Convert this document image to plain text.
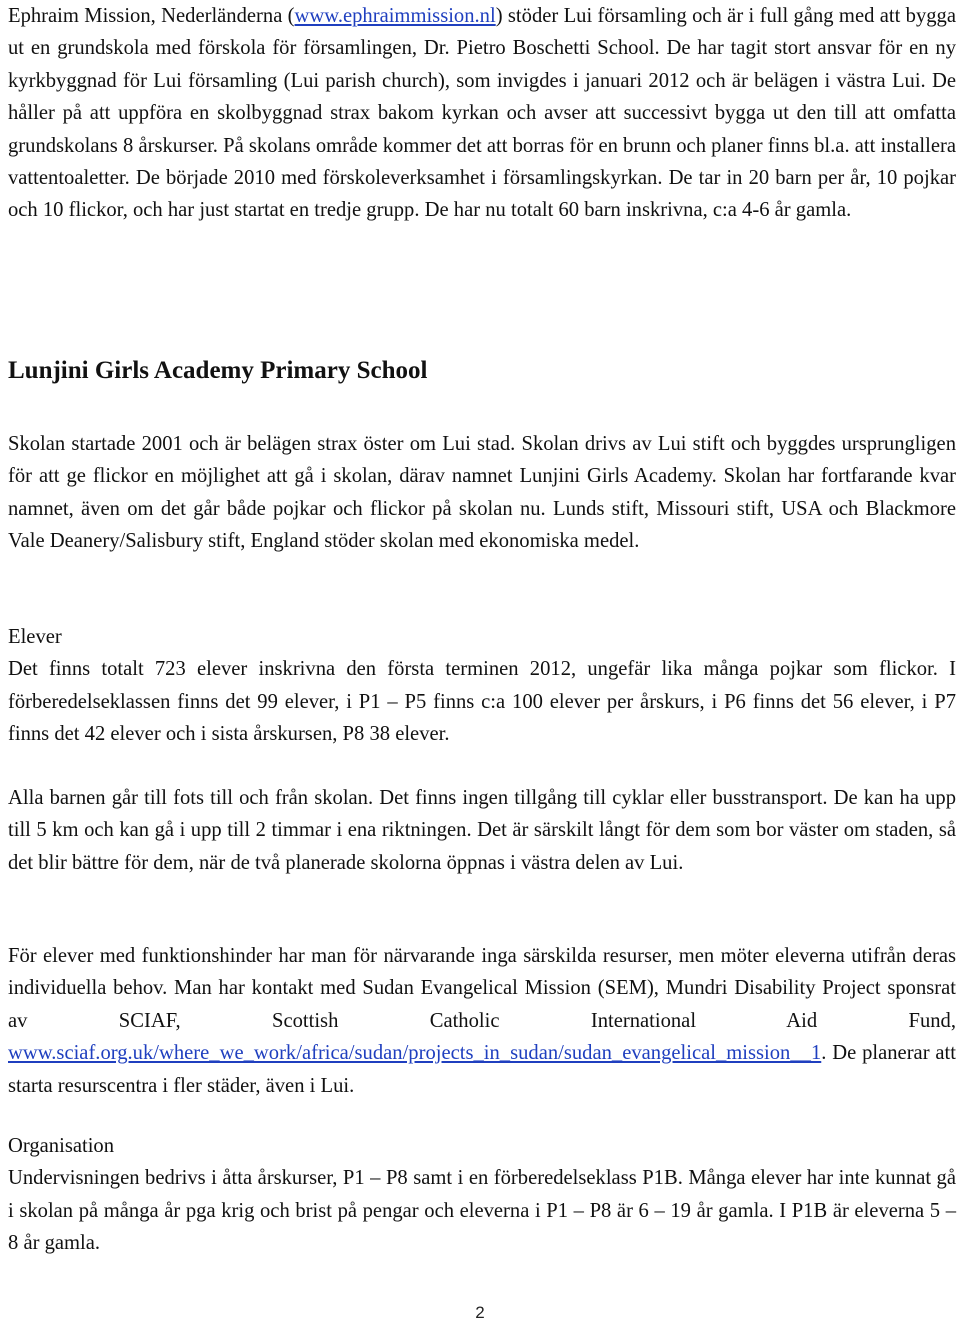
Ephraim Mission, Nederländerna (www.ephraimmission.nl) stöder Lui församling och är i full gång med att bygga ut en grundskola med förskola för församlingen, Dr. Pietro Boschetti School. De har tagit stort ansvar för en ny kyrkbyggnad för Lui församling (Lui parish church), som invigdes i januari 2012 och är belägen i västra Lui. De håller på att uppföra en skolbyggnad strax bakom kyrkan och avser att successivt bygga ut den till att omfatta grundskolans 8 årskurser. På skolans område kommer det att borras för en brunn och planer finns bl.a. att installera vattentoaletter. De började 2010 med förskoleverksamhet i församlingskyrkan. De tar in 20 barn per år, 10 pojkar och 10 flickor, och har just startat en tredje grupp. De har nu totalt 60 barn inskrivna, c:a 4-6 år gamla.

Lunjini Girls Academy Primary School

Skolan startade 2001 och är belägen strax öster om Lui stad. Skolan drivs av Lui stift och byggdes ursprungligen för att ge flickor en möjlighet att gå i skolan, därav namnet Lunjini Girls Academy. Skolan har fortfarande kvar namnet, även om det går både pojkar och flickor på skolan nu. Lunds stift, Missouri stift, USA och Blackmore Vale Deanery/Salisbury stift, England stöder skolan med ekonomiska medel.

Elever
Det finns totalt 723 elever inskrivna den första terminen 2012, ungefär lika många pojkar som flickor. I förberedelseklassen finns det 99 elever, i P1 – P5 finns c:a 100 elever per årskurs, i P6 finns det 56 elever, i P7 finns det 42 elever och i sista årskursen, P8 38 elever.

Alla barnen går till fots till och från skolan. Det finns ingen tillgång till cyklar eller busstransport. De kan ha upp till 5 km och kan gå i upp till 2 timmar i ena riktningen. Det är särskilt långt för dem som bor väster om staden, så det blir bättre för dem, när de två planerade skolorna öppnas i västra delen av Lui.

För elever med funktionshinder har man för närvarande inga särskilda resurser, men möter eleverna utifrån deras individuella behov. Man har kontakt med Sudan Evangelical Mission (SEM), Mundri Disability Project sponsrat av SCIAF, Scottish Catholic International Aid Fund, www.sciaf.org.uk/where_we_work/africa/sudan/projects_in_sudan/sudan_evangelical_mission__1. De planerar att starta resurscentra i fler städer, även i Lui.

Organisation
Undervisningen bedrivs i åtta årskurser, P1 – P8 samt i en förberedelseklass P1B. Många elever har inte kunnat gå i skolan på många år pga krig och brist på pengar och eleverna i P1 – P8 är 6 – 19 år gamla. I P1B är eleverna 5 – 8 år gamla.

2
